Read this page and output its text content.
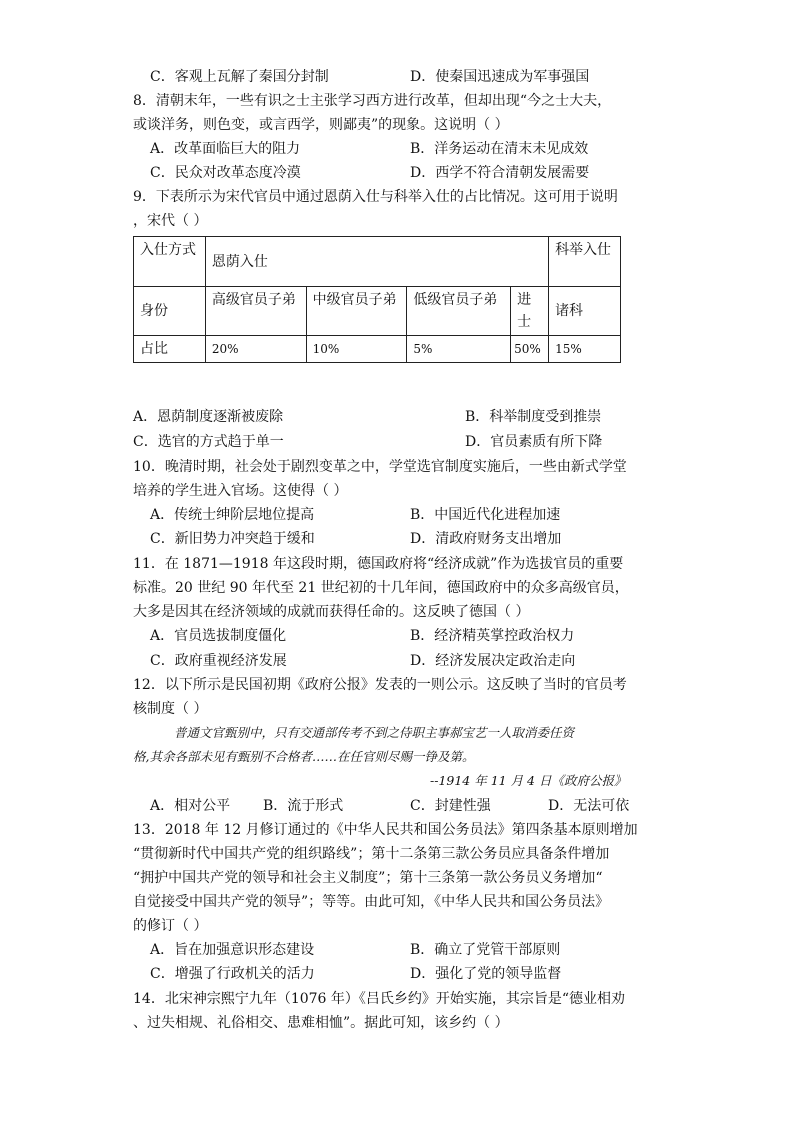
C．客观上瓦解了秦国分封制	D．使秦国迅速成为军事强国
8．清朝末年，一些有识之士主张学习西方进行改革，但却出现“今之士大夫，
或谈洋务，则色变，或言西学，则鄙夷”的现象。这说明（ ）
A．改革面临巨大的阻力	B．洋务运动在清末未见成效
C．民众对改革态度冷漠	D．西学不符合清朝发展需要
9．下表所示为宋代官员中通过恩荫入仕与科举入仕的占比情况。这可用于说明
，宋代（ ）
A．恩荫制度逐渐被废除	B．科举制度受到推崇
C．选官的方式趋于单一	D．官员素质有所下降
10．晚清时期，社会处于剧烈变革之中，学堂选官制度实施后，一些由新式学堂
培养的学生进入官场。这使得（ ）
A．传统士绅阶层地位提高	B．中国近代化进程加速
C．新旧势力冲突趋于缓和	D．清政府财务支出增加
11．在 1871—1918 年这段时期，德国政府将“经济成就”作为选拔官员的重要
标准。20 世纪 90 年代至 21 世纪初的十几年间，德国政府中的众多高级官员，
大多是因其在经济领域的成就而获得任命的。这反映了德国（ ）
A．官员选拔制度僵化	B．经济精英掌控政治权力
C．政府重视经济发展	D．经济发展决定政治走向
12．以下所示是民国初期《政府公报》发表的一则公示。这反映了当时的官员考
核制度（ ）
A．相对公平 B．流于形式	C．封建性强	D．无法可依
13．2018 年 12 月修订通过的《中华人民共和国公务员法》第四条基本原则增加
“贯彻新时代中国共产党的组织路线”；第十二条第三款公务员应具备条件增加
“拥护中国共产党的领导和社会主义制度”；第十三条第一款公务员义务增加“
自觉接受中国共产党的领导”；等等。由此可知，《中华人民共和国公务员法》
的修订（ ）
A．旨在加强意识形态建设	B．确立了党管干部原则
C．增强了行政机关的活力	D．强化了党的领导监督
14．北宋神宗熙宁九年（1076 年）《吕氏乡约》开始实施，其宗旨是“德业相劝
、过失相规、礼俗相交、患难相恤”。据此可知，该乡约（ ）
入仕方式	恩荫入仕				科举入仕
身份	高级官员子弟	中级官员子弟	低级官员子弟	进士	诸科
占比	20%	10%	5%	50%	15%
普通文官甄别中，只有交通部传考不到之侍职主事郝宝艺一人取消委任资
格,其余各部未见有甄别不合格者……在任官则尽赐一铮及第。
--1914 年 11 月 4 日《政府公报》
